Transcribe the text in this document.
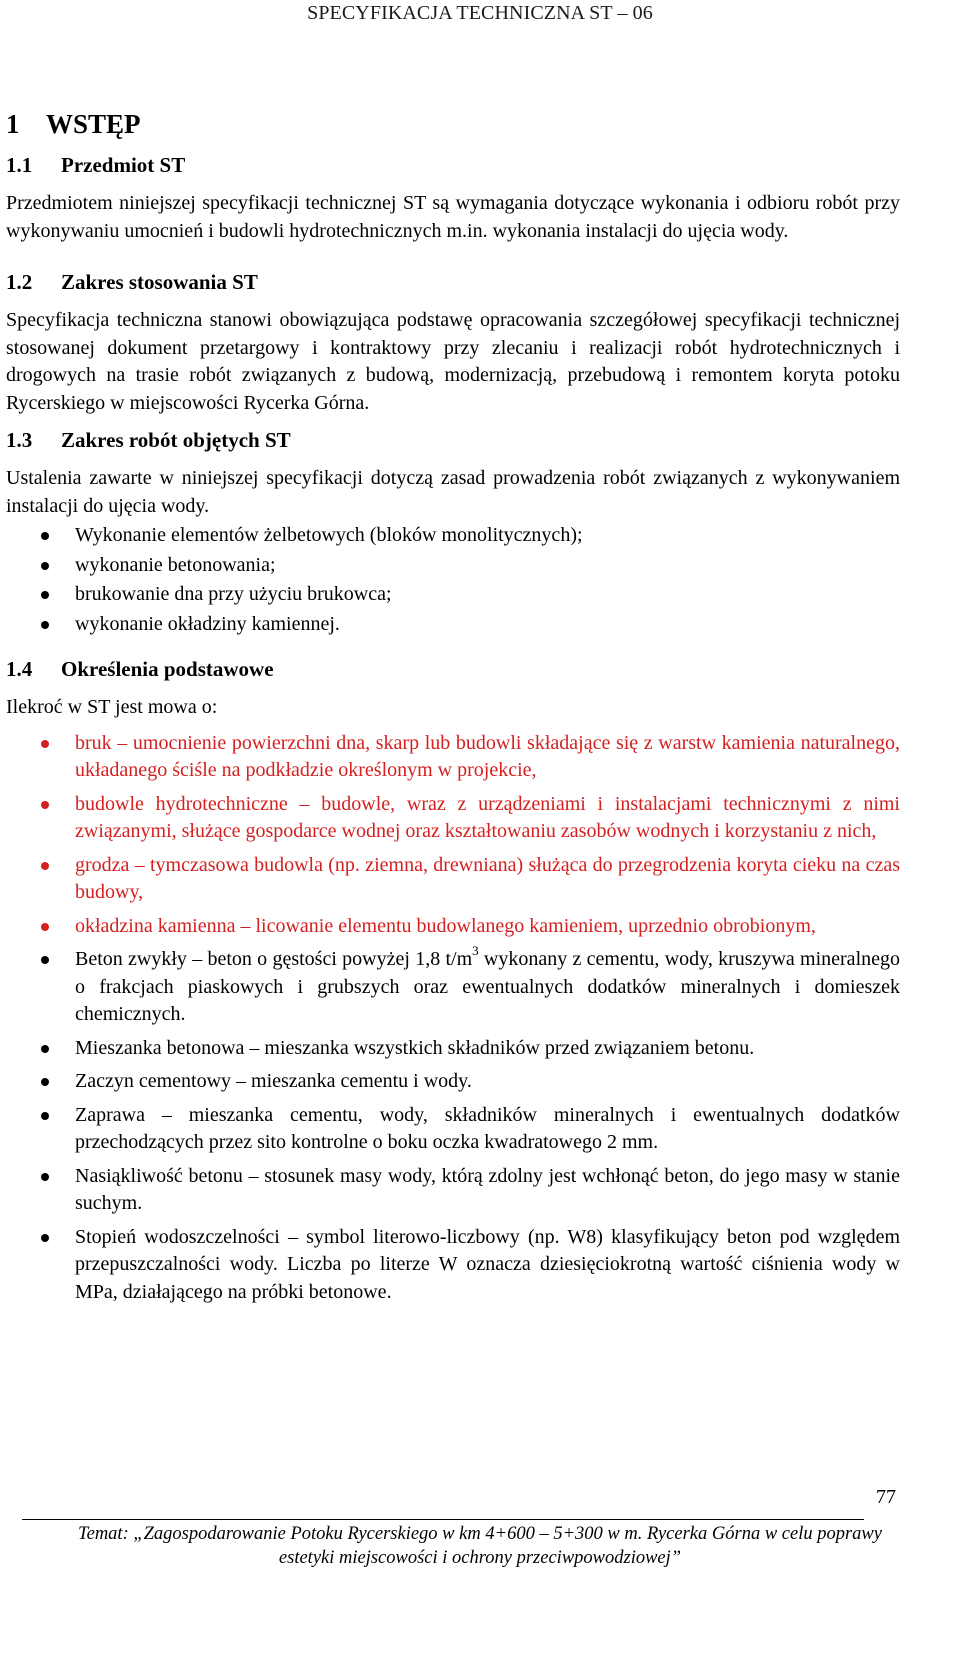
SPECYFIKACJA TECHNICZNA ST – 06
1 WSTĘP
1.1 Przedmiot ST

Przedmiotem niniejszej specyfikacji technicznej ST są wymagania dotyczące wykonania i odbioru robót przy wykonywaniu umocnień i budowli hydrotechnicznych m.in. wykonania instalacji do ujęcia wody.

1.2 Zakres stosowania ST

Specyfikacja techniczna stanowi obowiązująca podstawę opracowania szczegółowej specyfikacji technicznej stosowanej dokument przetargowy i kontraktowy przy zlecaniu i realizacji robót hydrotechnicznych i drogowych na trasie robót związanych z budową, modernizacją, przebudową i remontem koryta potoku Rycerskiego w miejscowości Rycerka Górna.

1.3 Zakres robót objętych ST

Ustalenia zawarte w niniejszej specyfikacji dotyczą zasad prowadzenia robót związanych z wykonywaniem instalacji do ujęcia wody.

Wykonanie elementów żelbetowych (bloków monolitycznych);
wykonanie betonowania;
brukowanie dna przy użyciu brukowca;
wykonanie okładziny kamiennej.
1.4 Określenia podstawowe

Ilekroć w ST jest mowa o:

bruk – umocnienie powierzchni dna, skarp lub budowli składające się z warstw kamienia naturalnego, układanego ściśle na podkładzie określonym w projekcie,
budowle hydrotechniczne – budowle, wraz z urządzeniami i instalacjami technicznymi z nimi związanymi, służące gospodarce wodnej oraz kształtowaniu zasobów wodnych i korzystaniu z nich,
grodza – tymczasowa budowla (np. ziemna, drewniana) służąca do przegrodzenia koryta cieku na czas budowy,
okładzina kamienna – licowanie elementu budowlanego kamieniem, uprzednio obrobionym,
Beton zwykły – beton o gęstości powyżej 1,8 $t/m^3$ wykonany z cementu, wody, kruszywa mineralnego o frakcjach piaskowych i grubszych oraz ewentualnych dodatków mineralnych i domieszek chemicznych.
Mieszanka betonowa – mieszanka wszystkich składników przed związaniem betonu.
Zaczyn cementowy – mieszanka cementu i wody.
Zaprawa – mieszanka cementu, wody, składników mineralnych i ewentualnych dodatków przechodzących przez sito kontrolne o boku oczka kwadratowego 2 mm.
Nasiąkliwość betonu – stosunek masy wody, którą zdolny jest wchłonąć beton, do jego masy w stanie suchym.
Stopień wodoszczelności – symbol literowo-liczbowy (np. W8) klasyfikujący beton pod względem przepuszczalności wody. Liczba po literze W oznacza dziesięciokrotną wartość ciśnienia wody w MPa, działającego na próbki betonowe.
77
Temat: „Zagospodarowanie Potoku Rycerskiego w km 4+600 – 5+300 w m. Rycerka Górna w celu poprawy
estetyki miejscowości i ochrony przeciwpowodziowej”
